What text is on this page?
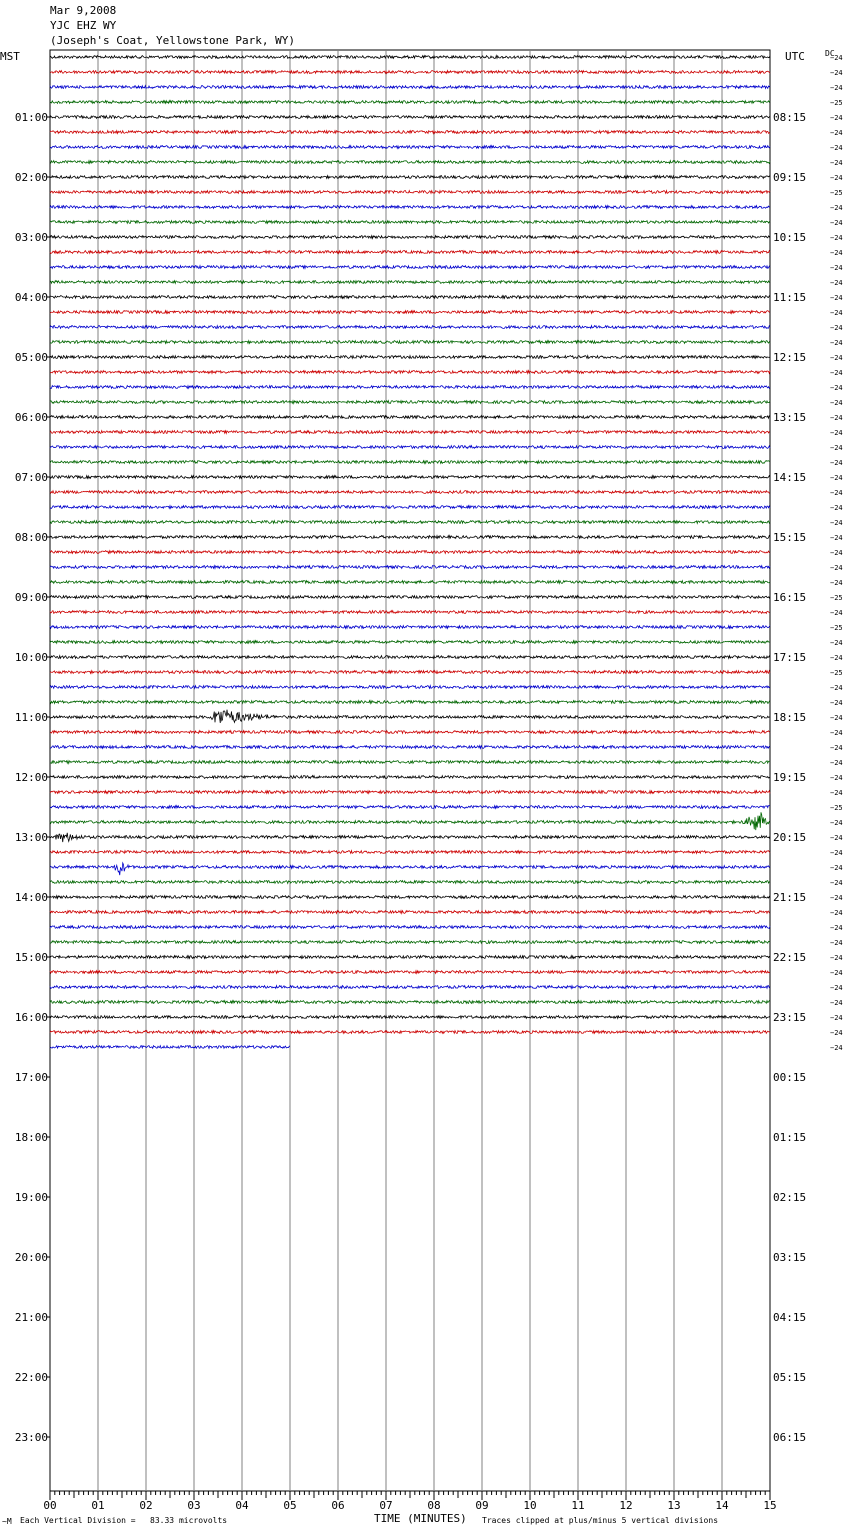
Mar 9,2008
YJC EHZ WY
(Joseph's Coat, Yellowstone Park, WY)
MST	UTC	DC
00	01	02	03	04	05	06	07	08	09	10	11	12	13	14	15
01:00
02:00
03:00
04:00
05:00
06:00
07:00
08:00
09:00
10:00
11:00
12:00
13:00
14:00
15:00
16:00
17:00
18:00
19:00
20:00
21:00
22:00
23:00
08:15
09:15
10:15
11:15
12:15
13:15
14:15
15:15
16:15
17:15
18:15
19:15
20:15
21:15
22:15
23:15
00:15
01:15
02:15
03:15
04:15
05:15
06:15
−24
−24
−24
−25
−24
−24
−24
−24
−24
−25
−24
−24
−24
−24
−24
−24
−24
−24
−24
−24
−24
−24
−24
−24
−24
−24
−24
−24
−24
−24
−24
−24
−24
−24
−24
−24
−25
−24
−25
−24
−24
−25
−24
−24
−24
−24
−24
−24
−24
−24
−25
−24
−24
−24
−24
−24
−24
−24
−24
−24
−24
−24
−24
−24
−24
−24
−24
~M Each Vertical Division =   83.33 microvolts	TIME (MINUTES) Traces clipped at plus/minus 5 vertical divisions
